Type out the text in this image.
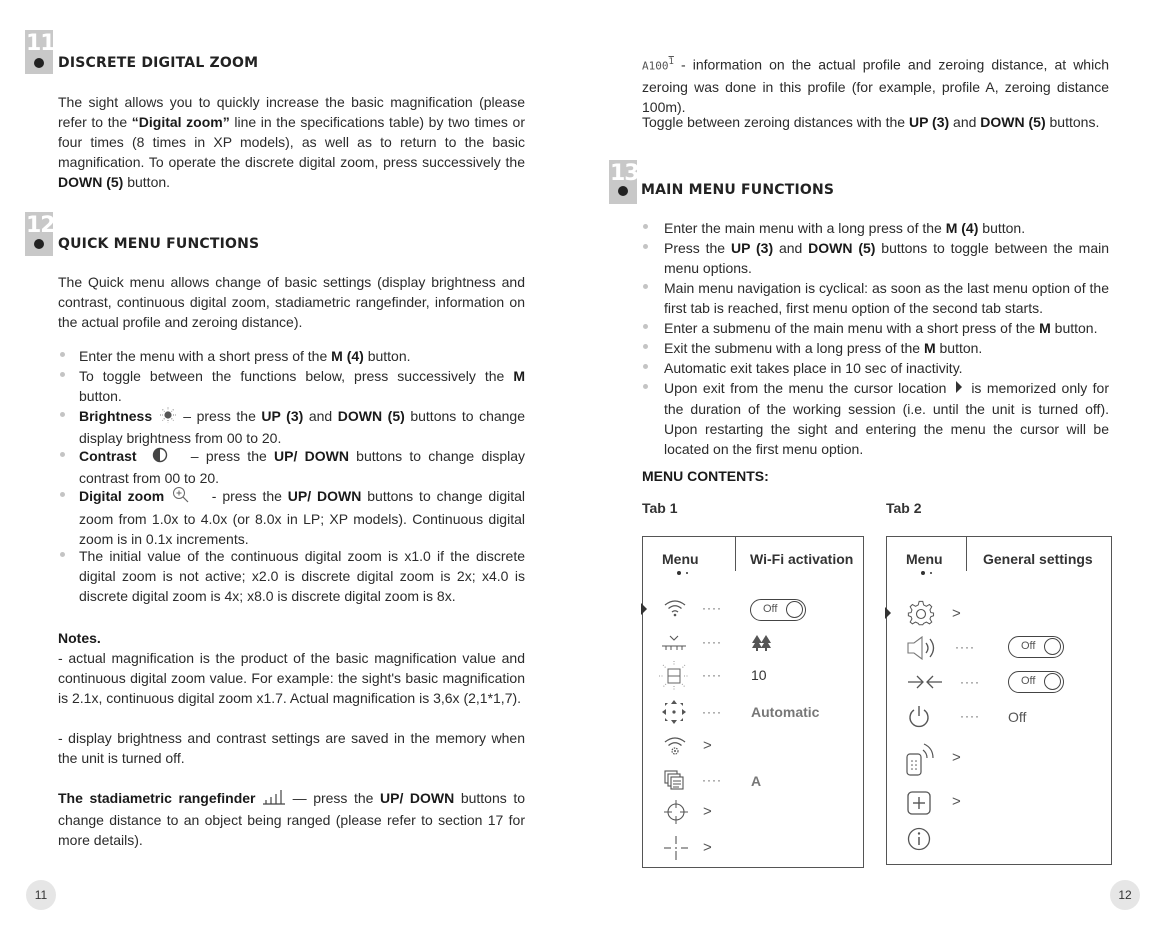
11
DISCRETE DIGITAL ZOOM
The sight allows you to quickly increase the basic magnification (please refer to the “Digital zoom” line in the specifications table) by two times or four times (8 times in XP models), as well as to return to the basic magnification. To operate the discrete digital zoom, press successively the DOWN (5) button.
12
QUICK MENU FUNCTIONS
The Quick menu allows change of basic settings (display brightness and contrast, continuous digital zoom, stadiametric rangefinder, information on the actual profile and zeroing distance).
Enter the menu with a short press of the M (4) button.
To toggle between the functions below, press successively the M button.
Brightness  – press the UP (3) and DOWN (5) buttons to change display brightness from 00 to 20.
Contrast	– press the UP/ DOWN buttons to change display contrast from 00 to 20.
Digital zoom	- press the UP/ DOWN buttons to change digital zoom from 1.0x to 4.0x (or 8.0x in LP; XP models). Continuous digital zoom is in 0.1x increments.
The initial value of the continuous digital zoom is x1.0 if the discrete digital zoom is not active; x2.0 is discrete digital zoom is 2x; x4.0 is discrete digital zoom is 4x; x8.0 is discrete digital zoom is 8x.
Notes.
- actual magnification is the product of the basic magnification value and continuous digital zoom value. For example: the sight's basic magnification is 2.1x, continuous digital zoom x1.7. Actual magnification is 3,6x (2,1*1,7).
- display brightness and contrast settings are saved in the memory when the unit is turned off.
The stadiametric rangefinder  — press the UP/ DOWN buttons to change distance to an object being ranged (please refer to section 17 for more details).
11
$A100^1$ - information on the actual profile and zeroing distance, at which zeroing was done in this profile (for example, profile A, zeroing distance 100m).
Toggle between zeroing distances with the UP (3) and DOWN (5) buttons.
13
MAIN MENU FUNCTIONS
Enter the main menu with a long press of the M (4) button.
Press the UP (3) and DOWN (5) buttons to toggle between the main menu options.
Main menu navigation is cyclical: as soon as the last menu option of the first tab is reached, first menu option of the second tab starts.
Enter a submenu of the main menu with a short press of the M button.
Exit the submenu with a long press of the M button.
Automatic exit takes place in 10 sec of inactivity.
Upon exit from the menu the cursor location  is memorized only for the duration of the working session (i.e. until the unit is turned off). Upon restarting the sight and entering the menu the cursor will be located on the first menu option.
MENU CONTENTS:
Tab 1
Menu	Wi-Fi activation
····	Off
····
···· 10
···· Automatic
>
···· A
>
>
Tab 2
Menu	General settings
>
····	Off
····	Off
···· Off
>
>
12
